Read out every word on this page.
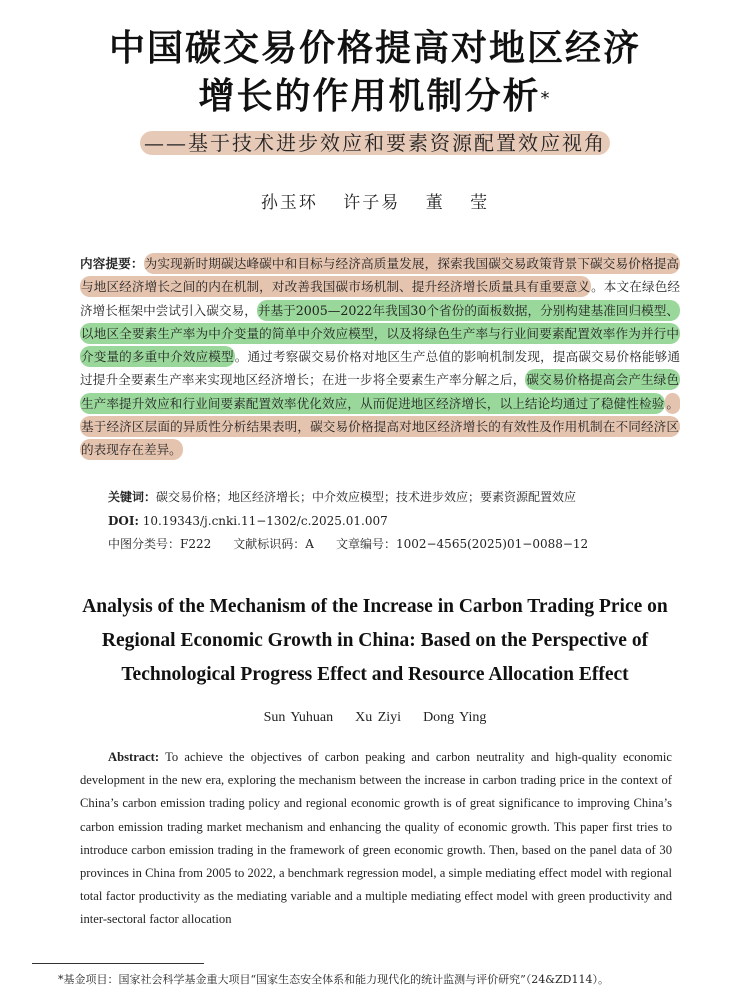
中国碳交易价格提高对地区经济
增长的作用机制分析*
——基于技术进步效应和要素资源配置效应视角
孙玉环 许子易 董 莹
内容提要：为实现新时期碳达峰碳中和目标与经济高质量发展，探索我国碳交易政策背景下碳交易价格提高与地区经济增长之间的内在机制，对改善我国碳市场机制、提升经济增长质量具有重要意义。本文在绿色经济增长框架中尝试引入碳交易，并基于2005—2022年我国30个省份的面板数据，分别构建基准回归模型、以地区全要素生产率为中介变量的简单中介效应模型，以及将绿色生产率与行业间要素配置效率作为并行中介变量的多重中介效应模型。通过考察碳交易价格对地区生产总值的影响机制发现，提高碳交易价格能够通过提升全要素生产率来实现地区经济增长；在进一步将全要素生产率分解之后，碳交易价格提高会产生绿色生产率提升效应和行业间要素配置效率优化效应，从而促进地区经济增长，以上结论均通过了稳健性检验 。基于经济区层面的异质性分析结果表明，碳交易价格提高对地区经济增长的有效性及作用机制在不同经济区的表现存在差异。
关键词：碳交易价格；地区经济增长；中介效应模型；技术进步效应；要素资源配置效应
DOI: 10.19343/j.cnki.11−1302/c.2025.01.007
中图分类号：F222 文献标识码：A 文章编号：1002−4565(2025)01−0088−12
Analysis of the Mechanism of the Increase in Carbon Trading Price on
Regional Economic Growth in China: Based on the Perspective of
Technological Progress Effect and Resource Allocation Effect
Sun Yuhuan    Xu Ziyi    Dong Ying
Abstract: To achieve the objectives of carbon peaking and carbon neutrality and high-quality economic development in the new era, exploring the mechanism between the increase in carbon trading price in the context of China’s carbon emission trading policy and regional economic growth is of great significance to improving China’s carbon emission trading market mechanism and enhancing the quality of economic growth. This paper first tries to introduce carbon emission trading in the framework of green economic growth. Then, based on the panel data of 30 provinces in China from 2005 to 2022, a benchmark regression model, a simple mediating effect model with regional total factor productivity as the mediating variable and a multiple mediating effect model with green productivity and inter-sectoral factor allocation
*基金项目：国家社会科学基金重大项目“国家生态安全体系和能力现代化的统计监测与评价研究”（24&ZD114）。
